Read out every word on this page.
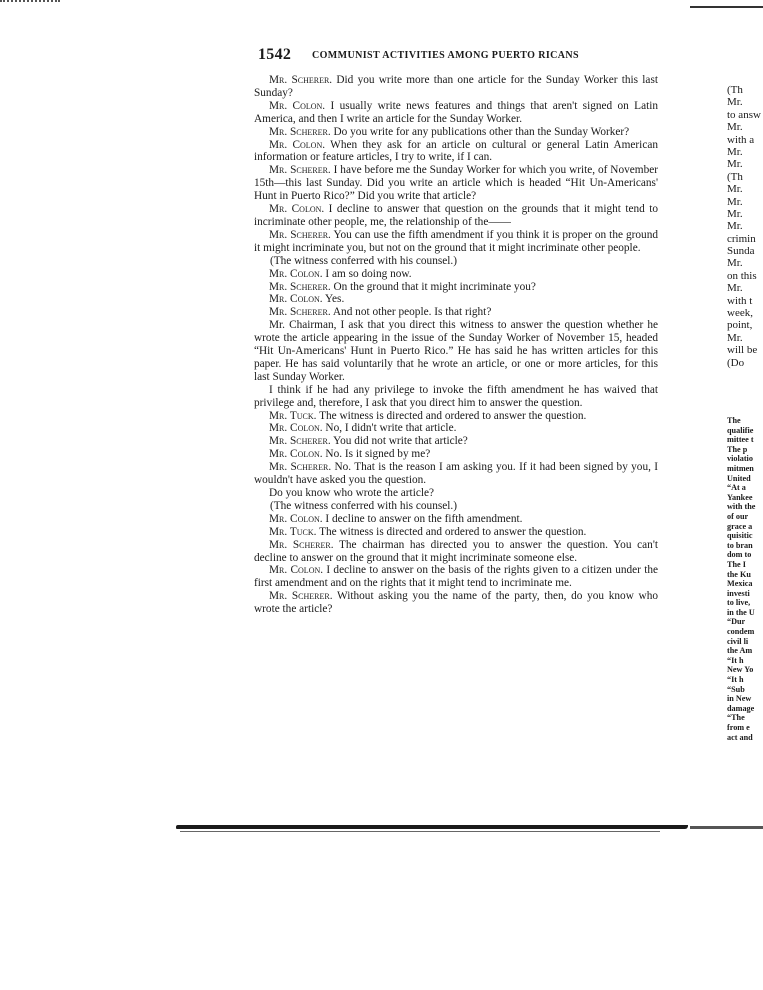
1542 COMMUNIST ACTIVITIES AMONG PUERTO RICANS

Mr. Scherer. Did you write more than one article for the Sunday Worker this last Sunday?

Mr. Colon. I usually write news features and things that aren't signed on Latin America, and then I write an article for the Sunday Worker.

Mr. Scherer. Do you write for any publications other than the Sunday Worker?

Mr. Colon. When they ask for an article on cultural or general Latin American information or feature articles, I try to write, if I can.

Mr. Scherer. I have before me the Sunday Worker for which you write, of November 15th—this last Sunday. Did you write an article which is headed “Hit Un-Americans' Hunt in Puerto Rico?” Did you write that article?

Mr. Colon. I decline to answer that question on the grounds that it might tend to incriminate other people, me, the relationship of the——

Mr. Scherer. You can use the fifth amendment if you think it is proper on the ground it might incriminate you, but not on the ground that it might incriminate other people.

(The witness conferred with his counsel.)

Mr. Colon. I am so doing now.

Mr. Scherer. On the ground that it might incriminate you?

Mr. Colon. Yes.

Mr. Scherer. And not other people. Is that right?

Mr. Chairman, I ask that you direct this witness to answer the question whether he wrote the article appearing in the issue of the Sunday Worker of November 15, headed “Hit Un-Americans' Hunt in Puerto Rico.” He has said he has written articles for this paper. He has said voluntarily that he wrote an article, or one or more articles, for this last Sunday Worker.

I think if he had any privilege to invoke the fifth amendment he has waived that privilege and, therefore, I ask that you direct him to answer the question.

Mr. Tuck. The witness is directed and ordered to answer the question.

Mr. Colon. No, I didn't write that article.

Mr. Scherer. You did not write that article?

Mr. Colon. No. Is it signed by me?

Mr. Scherer. No. That is the reason I am asking you. If it had been signed by you, I wouldn't have asked you the question.

Do you know who wrote the article?

(The witness conferred with his counsel.)

Mr. Colon. I decline to answer on the fifth amendment.

Mr. Tuck. The witness is directed and ordered to answer the question.

Mr. Scherer. The chairman has directed you to answer the question. You can't decline to answer on the ground that it might incriminate someone else.

Mr. Colon. I decline to answer on the basis of the rights given to a citizen under the first amendment and on the rights that it might tend to incriminate me.

Mr. Scherer. Without asking you the name of the party, then, do you know who wrote the article?

(Th
Mr.
to answ
Mr.
with a
Mr.
Mr.
(Th
Mr.
Mr.
Mr.
Mr.
crimin
Sunda
Mr.
on this
Mr.
with t
week,
point,
Mr.
will be
(Do
The
qualifie
mittee t
The p
violatio
mitmen
United
“At a
Yankee
with the
of our
grace a
quisitic
to bran
dom to
The I
the Ku
Mexica
investi
to live,
in the U
“Dur
condem
civil li
the Am
“It h
New Yo
“It h
“Sub
in New
damage
“The
from e
act and
